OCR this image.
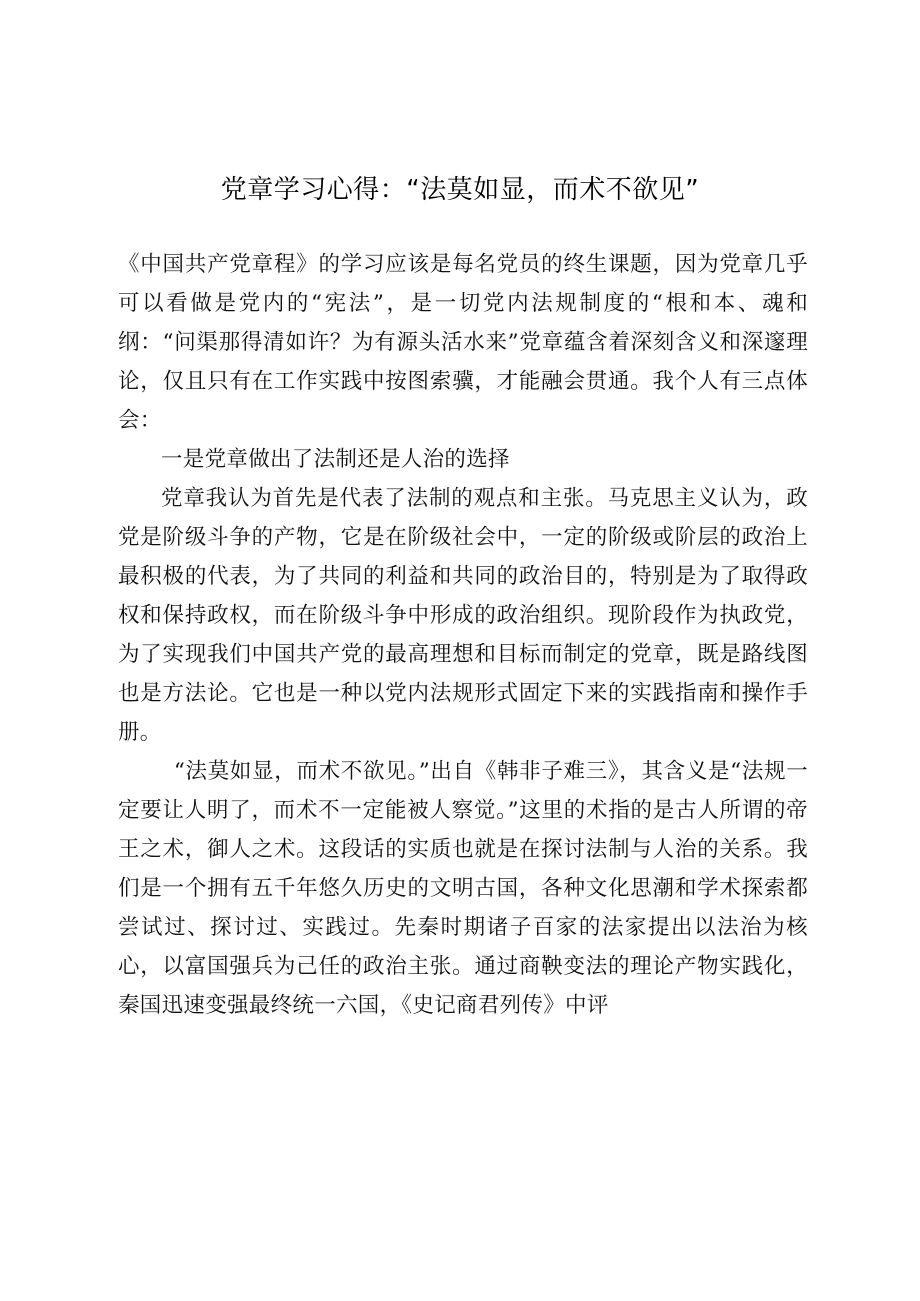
党章学习心得：“法莫如显，而术不欲见”

《中国共产党章程》的学习应该是每名党员的终生课题，因为党章几乎可以看做是党内的“宪法”，是一切党内法规制度的“根和本、魂和纲：“问渠那得清如许？为有源头活水来”党章蕴含着深刻含义和深邃理论，仅且只有在工作实践中按图索骥，才能融会贯通。我个人有三点体会：

一是党章做出了法制还是人治的选择

党章我认为首先是代表了法制的观点和主张。马克思主义认为，政党是阶级斗争的产物，它是在阶级社会中，一定的阶级或阶层的政治上最积极的代表，为了共同的利益和共同的政治目的，特别是为了取得政权和保持政权，而在阶级斗争中形成的政治组织。现阶段作为执政党，为了实现我们中国共产党的最高理想和目标而制定的党章，既是路线图也是方法论。它也是一种以党内法规形式固定下来的实践指南和操作手册。

“法莫如显，而术不欲见。”出自《韩非子难三》，其含义是“法规一定要让人明了，而术不一定能被人察觉。”这里的术指的是古人所谓的帝王之术，御人之术。这段话的实质也就是在探讨法制与人治的关系。我们是一个拥有五千年悠久历史的文明古国，各种文化思潮和学术探索都尝试过、探讨过、实践过。先秦时期诸子百家的法家提出以法治为核心，以富国强兵为己任的政治主张。通过商鞅变法的理论产物实践化，秦国迅速变强最终统一六国，《史记商君列传》中评
